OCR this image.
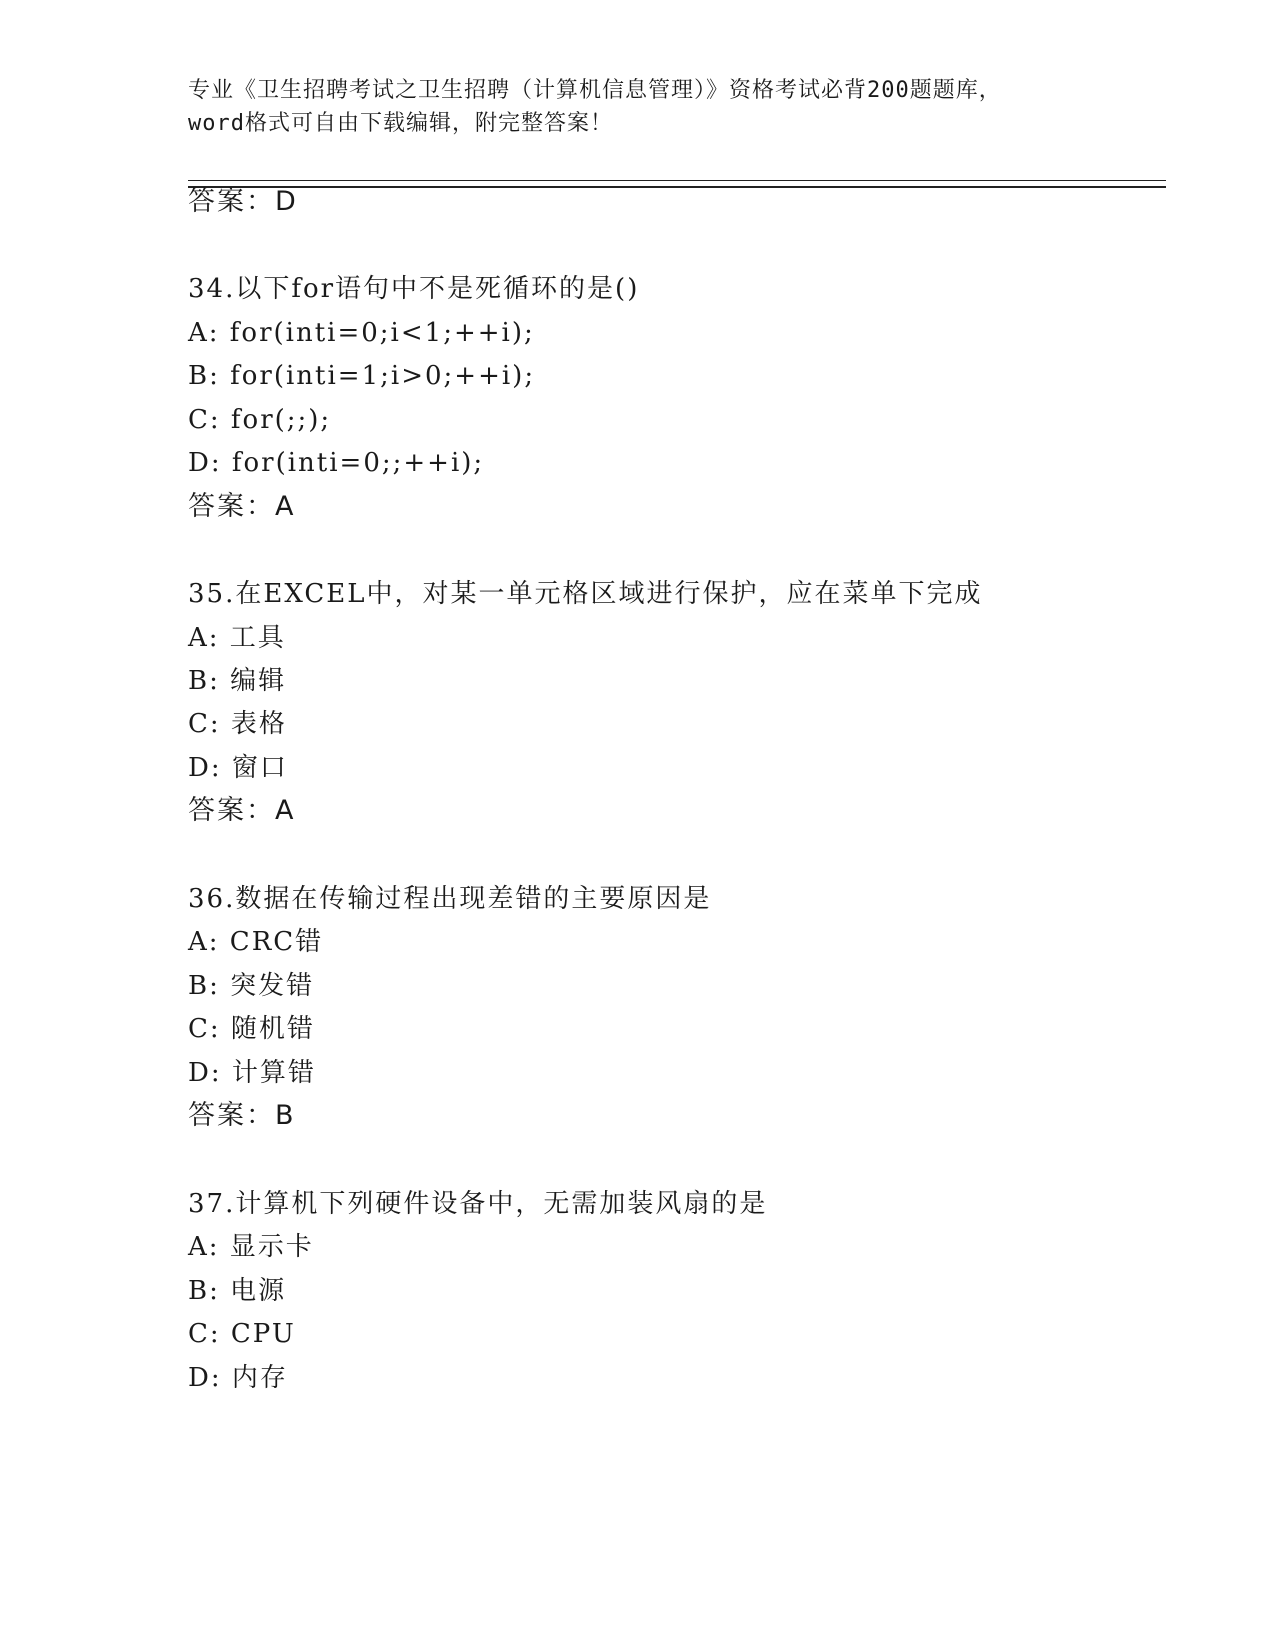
专业《卫生招聘考试之卫生招聘（计算机信息管理）》资格考试必背200题题库，
word格式可自由下载编辑，附完整答案！
答案：D
34.以下for语句中不是死循环的是()
A: for(inti=0;i<1;++i);
B: for(inti=1;i>0;++i);
C: for(;;);
D: for(inti=0;;++i);
答案：A
35.在EXCEL中，对某一单元格区域进行保护，应在菜单下完成
A: 工具
B: 编辑
C: 表格
D: 窗口
答案：A
36.数据在传输过程出现差错的主要原因是
A: CRC错
B: 突发错
C: 随机错
D: 计算错
答案：B
37.计算机下列硬件设备中，无需加装风扇的是
A: 显示卡
B: 电源
C: CPU
D: 内存
